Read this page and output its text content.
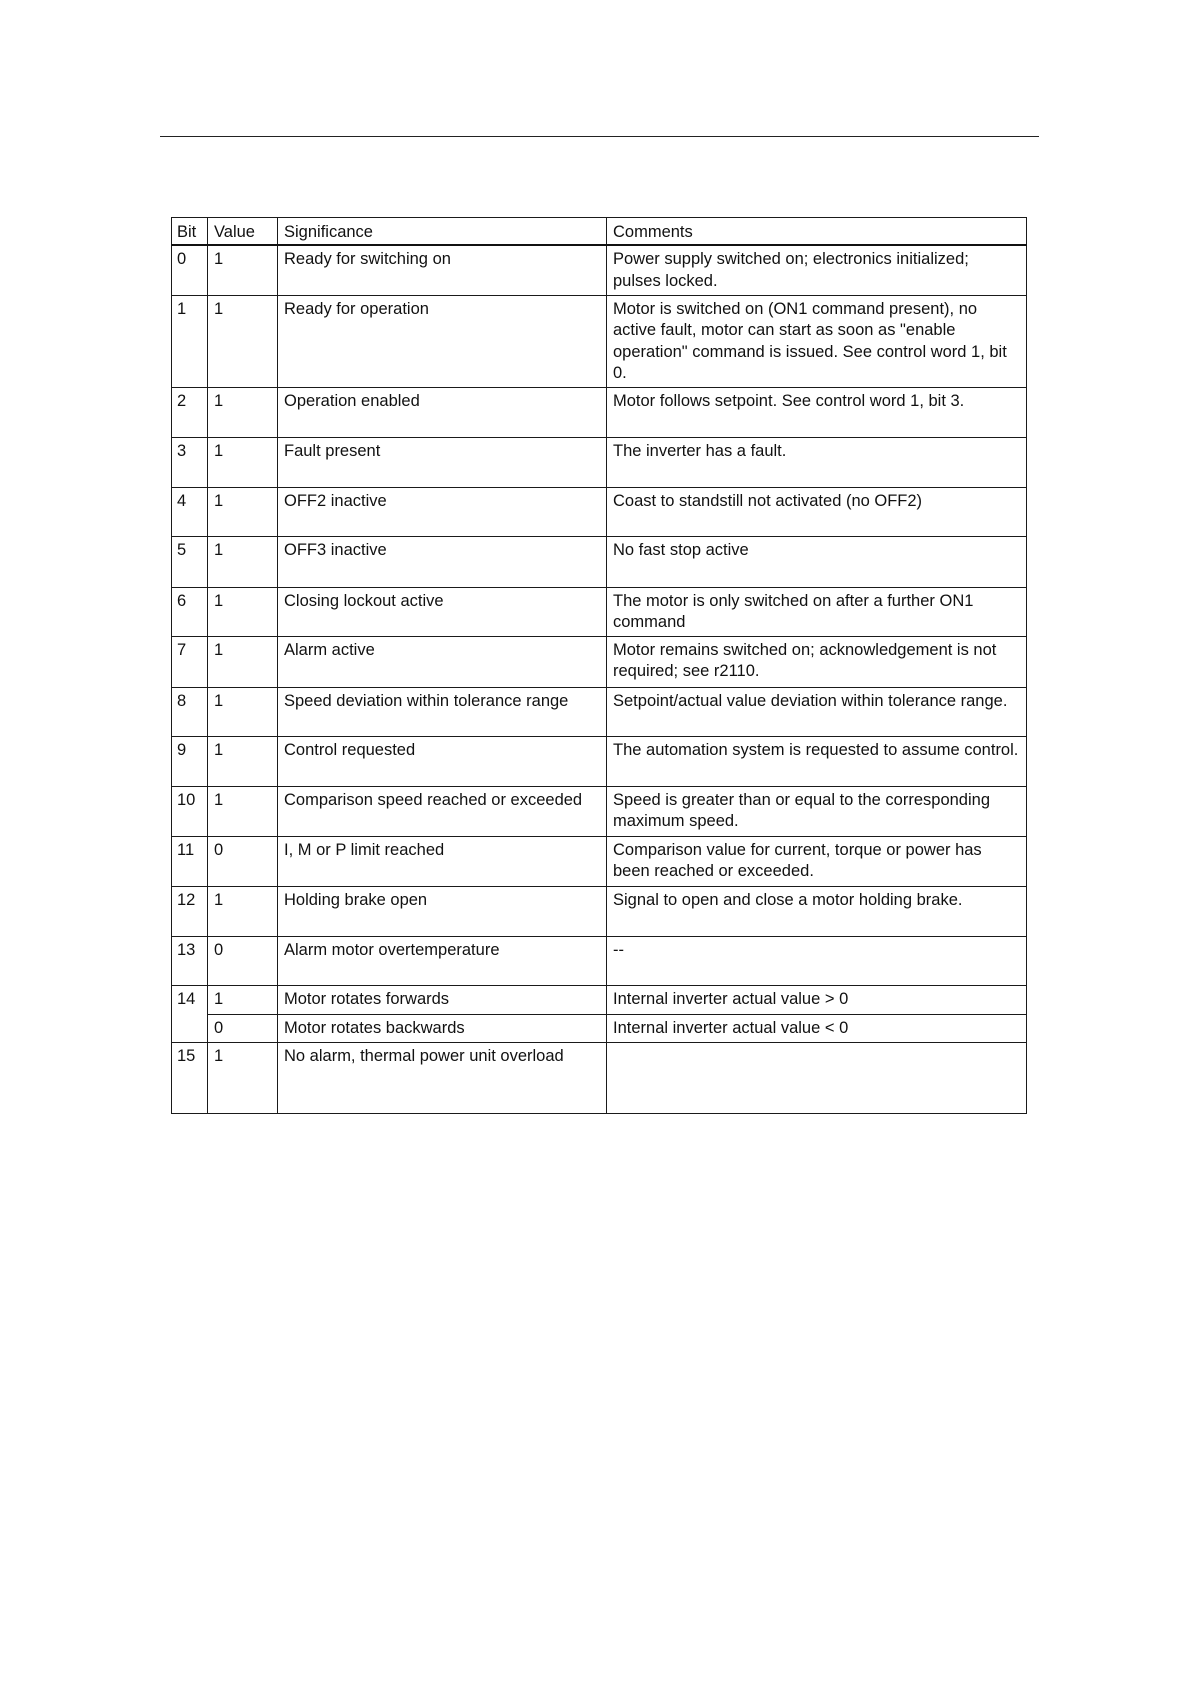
Bit	Value	Significance	Comments
0	1	Ready for switching on	Power supply switched on; electronics initialized; pulses locked.
1	1	Ready for operation	Motor is switched on (ON1 command present), no active fault, motor can start as soon as "enable operation" command is issued. See control word 1, bit 0.
2	1	Operation enabled	Motor follows setpoint. See control word 1, bit 3.
3	1	Fault present	The inverter has a fault.
4	1	OFF2 inactive	Coast to standstill not activated (no OFF2)
5	1	OFF3 inactive	No fast stop active
6	1	Closing lockout active	The motor is only switched on after a further ON1 command
7	1	Alarm active	Motor remains switched on; acknowledgement is not required; see r2110.
8	1	Speed deviation within tolerance range	Setpoint/actual value deviation within tolerance range.
9	1	Control requested	The automation system is requested to assume control.
10	1	Comparison speed reached or exceeded	Speed is greater than or equal to the corresponding maximum speed.
11	0	I, M or P limit reached	Comparison value for current, torque or power has been reached or exceeded.
12	1	Holding brake open	Signal to open and close a motor holding brake.
13	0	Alarm motor overtemperature	--
14	1	Motor rotates forwards	Internal inverter actual value > 0
	0	Motor rotates backwards	Internal inverter actual value < 0
15	1	No alarm, thermal power unit overload	
